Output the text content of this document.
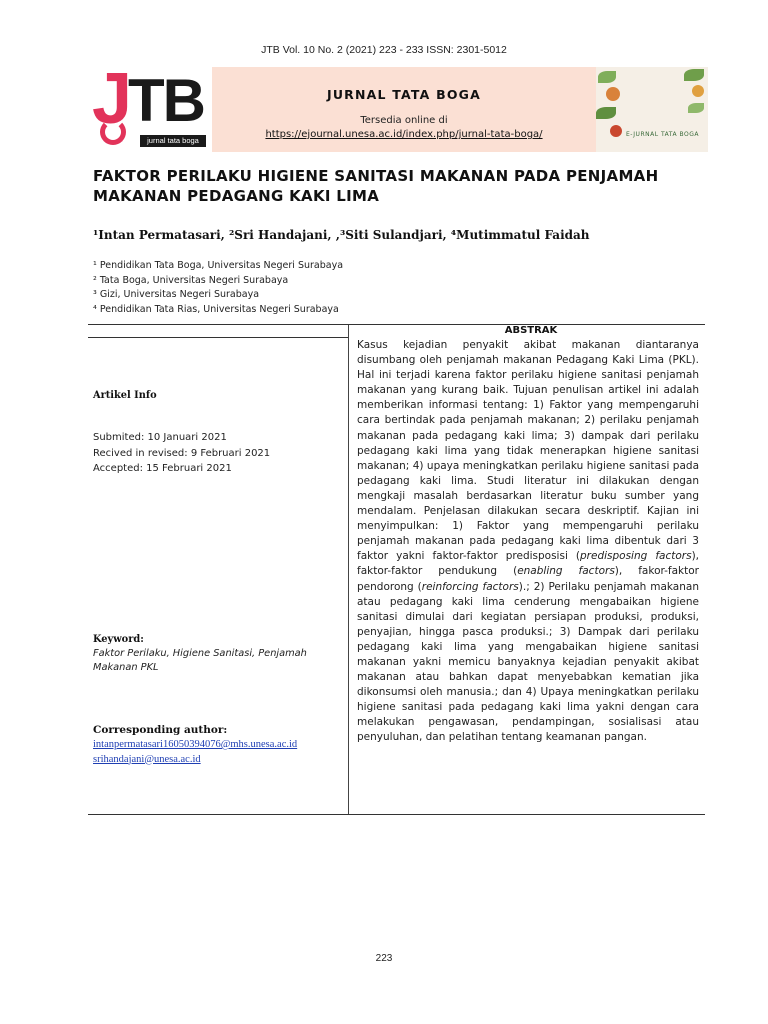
JTB Vol. 10 No. 2 (2021) 223 - 233 ISSN: 2301-5012
J
TB
jurnal tata boga
JURNAL TATA BOGA
Tersedia online di
https://ejournal.unesa.ac.id/index.php/jurnal-tata-boga/	E-JURNAL TATA BOGA
FAKTOR PERILAKU HIGIENE SANITASI MAKANAN PADA PENJAMAH MAKANAN PEDAGANG KAKI LIMA
¹Intan Permatasari, ²Sri Handajani, ,³Siti Sulandjari, ⁴Mutimmatul Faidah
¹ Pendidikan Tata Boga, Universitas Negeri Surabaya
² Tata Boga, Universitas Negeri Surabaya
³ Gizi, Universitas Negeri Surabaya
⁴ Pendidikan Tata Rias, Universitas Negeri Surabaya
Artikel Info
Submited: 10 Januari 2021
Recived in revised: 9 Februari 2021
Accepted: 15 Februari 2021
Keyword:
Faktor Perilaku, Higiene Sanitasi, Penjamah Makanan PKL
Corresponding author:
intanpermatasari16050394076@mhs.unesa.ac.id
srihandajani@unesa.ac.id
ABSTRAK
Kasus kejadian penyakit akibat makanan diantaranya disumbang oleh penjamah makanan Pedagang Kaki Lima (PKL). Hal ini terjadi karena faktor perilaku higiene sanitasi penjamah makanan yang kurang baik. Tujuan penulisan artikel ini adalah memberikan informasi tentang: 1) Faktor yang mempengaruhi cara bertindak pada penjamah makanan; 2) perilaku penjamah makanan pada pedagang kaki lima; 3) dampak dari perilaku pedagang kaki lima yang tidak menerapkan higiene sanitasi makanan; 4) upaya meningkatkan perilaku higiene sanitasi pada pedagang kaki lima. Studi literatur ini dilakukan dengan mengkaji masalah berdasarkan literatur buku sumber yang mendalam. Penjelasan dilakukan secara deskriptif. Kajian ini menyimpulkan: 1) Faktor yang mempengaruhi perilaku penjamah makanan pada pedagang kaki lima dibentuk dari 3 faktor yakni faktor-faktor predisposisi (predisposing factors), faktor-faktor pendukung (enabling factors), fakor-faktor pendorong (reinforcing factors).; 2) Perilaku penjamah makanan atau pedagang kaki lima cenderung mengabaikan higiene sanitasi dimulai dari kegiatan persiapan produksi, produksi, penyajian, hingga pasca produksi.; 3) Dampak dari perilaku pedagang kaki lima yang mengabaikan higiene sanitasi makanan yakni memicu banyaknya kejadian penyakit akibat makanan atau bahkan dapat menyebabkan kematian jika dikonsumsi oleh manusia.; dan 4) Upaya meningkatkan perilaku higiene sanitasi pada pedagang kaki lima yakni dengan cara melakukan pengawasan, pendampingan, sosialisasi atau penyuluhan, dan pelatihan tentang keamanan pangan.
223
